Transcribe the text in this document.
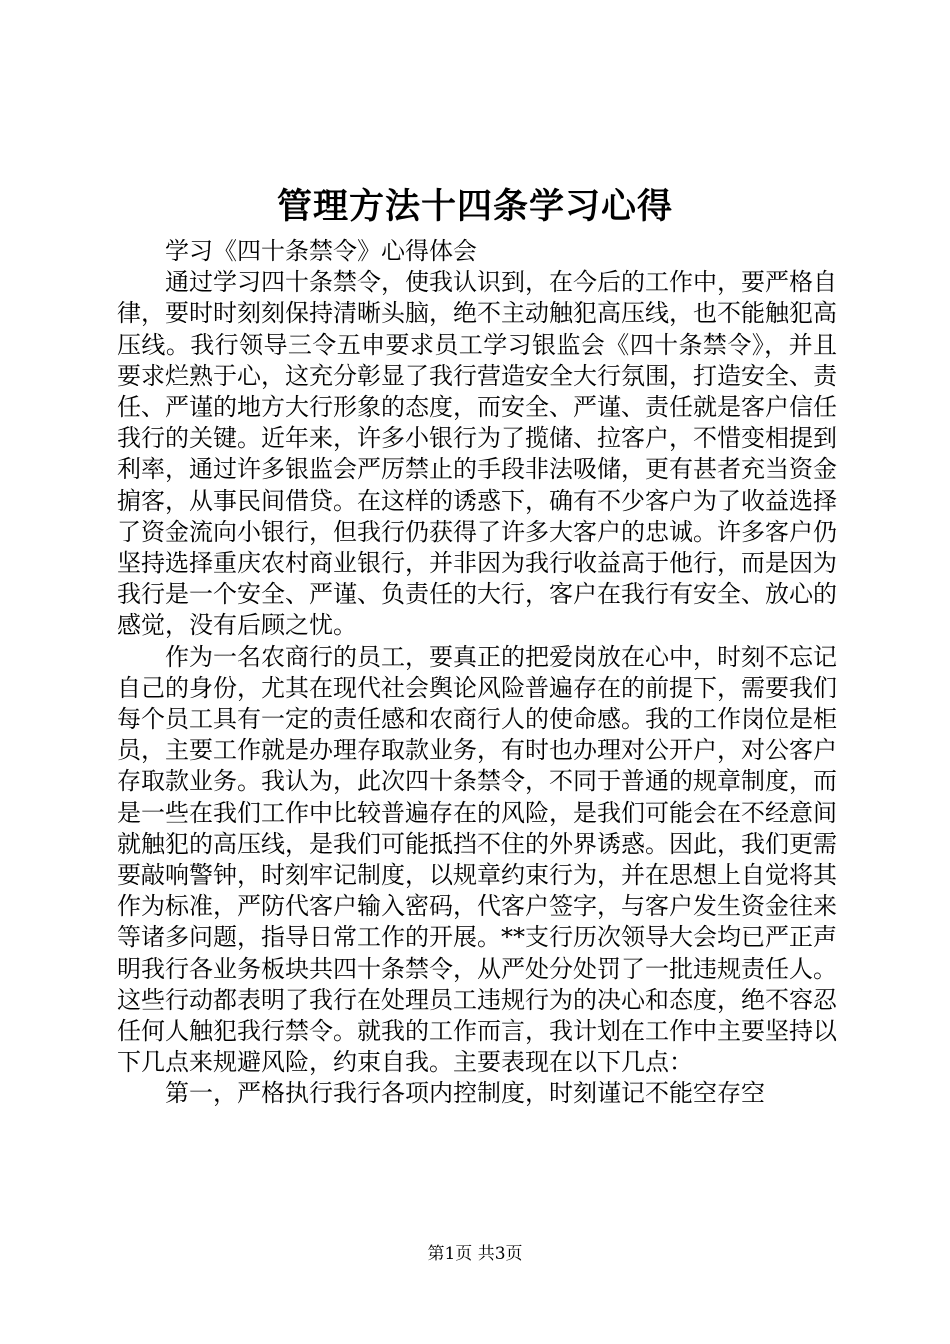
管理方法十四条学习心得

学习《四十条禁令》心得体会

通过学习四十条禁令，使我认识到，在今后的工作中，要严格自律，要时时刻刻保持清晰头脑，绝不主动触犯高压线，也不能触犯高压线。我行领导三令五申要求员工学习银监会《四十条禁令》，并且要求烂熟于心，这充分彰显了我行营造安全大行氛围，打造安全、责任、严谨的地方大行形象的态度，而安全、严谨、责任就是客户信任我行的关键。近年来，许多小银行为了揽储、拉客户，不惜变相提到利率，通过许多银监会严厉禁止的手段非法吸储，更有甚者充当资金掮客，从事民间借贷。在这样的诱惑下，确有不少客户为了收益选择了资金流向小银行，但我行仍获得了许多大客户的忠诚。许多客户仍坚持选择重庆农村商业银行，并非因为我行收益高于他行，而是因为我行是一个安全、严谨、负责任的大行，客户在我行有安全、放心的感觉，没有后顾之忧。

作为一名农商行的员工，要真正的把爱岗放在心中，时刻不忘记自己的身份，尤其在现代社会舆论风险普遍存在的前提下，需要我们每个员工具有一定的责任感和农商行人的使命感。我的工作岗位是柜员，主要工作就是办理存取款业务，有时也办理对公开户，对公客户存取款业务。我认为，此次四十条禁令，不同于普通的规章制度，而是一些在我们工作中比较普遍存在的风险，是我们可能会在不经意间就触犯的高压线，是我们可能抵挡不住的外界诱惑。因此，我们更需要敲响警钟，时刻牢记制度，以规章约束行为，并在思想上自觉将其作为标准，严防代客户输入密码，代客户签字，与客户发生资金往来等诸多问题，指导日常工作的开展。**支行历次领导大会均已严正声明我行各业务板块共四十条禁令，从严处分处罚了一批违规责任人。这些行动都表明了我行在处理员工违规行为的决心和态度，绝不容忍任何人触犯我行禁令。就我的工作而言，我计划在工作中主要坚持以下几点来规避风险，约束自我。主要表现在以下几点：

第一，严格执行我行各项内控制度，时刻谨记不能空存空

第1页 共3页
